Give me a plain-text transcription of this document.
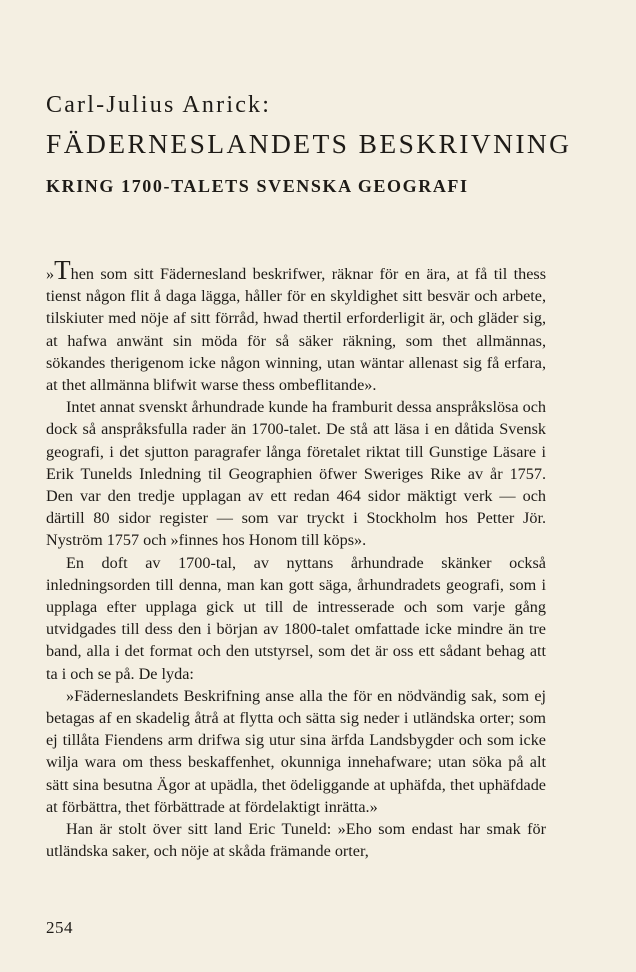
Carl-Julius Anrick:
FÄDERNESLANDETS BESKRIVNING
KRING 1700-TALETS SVENSKA GEOGRAFI

»Then som sitt Fädernesland beskrifwer, räknar för en ära, at få til thess tienst någon flit å daga lägga, håller för en skyldighet sitt besvär och arbete, tilskiuter med nöje af sitt förråd, hwad thertil erforderligit är, och gläder sig, at hafwa anwänt sin möda för så säker räkning, som thet allmännas, sökandes therigenom icke någon winning, utan wäntar allenast sig få erfara, at thet allmänna blifwit warse thess ombeflitande».

Intet annat svenskt århundrade kunde ha framburit dessa anspråkslösa och dock så anspråksfulla rader än 1700-talet. De stå att läsa i en dåtida Svensk geografi, i det sjutton paragrafer långa företalet riktat till Gunstige Läsare i Erik Tunelds Inledning til Geographien öfwer Sweriges Rike av år 1757. Den var den tredje upplagan av ett redan 464 sidor mäktigt verk — och därtill 80 sidor register — som var tryckt i Stockholm hos Petter Jör. Nyström 1757 och »finnes hos Honom till köps».

En doft av 1700-tal, av nyttans århundrade skänker också inledningsorden till denna, man kan gott säga, århundradets geografi, som i upplaga efter upplaga gick ut till de intresserade och som varje gång utvidgades till dess den i början av 1800-talet omfattade icke mindre än tre band, alla i det format och den utstyrsel, som det är oss ett sådant behag att ta i och se på. De lyda:

»Fäderneslandets Beskrifning anse alla the för en nödvändig sak, som ej betagas af en skadelig åtrå at flytta och sätta sig neder i utländska orter; som ej tillåta Fiendens arm drifwa sig utur sina ärfda Landsbygder och som icke wilja wara om thess beskaffenhet, okunniga innehafware; utan söka på alt sätt sina besutna Ägor at upädla, thet ödeliggande at uphäfda, thet uphäfdade at förbättra, thet förbättrade at fördelaktigt inrätta.»

Han är stolt över sitt land Eric Tuneld: »Eho som endast har smak för utländska saker, och nöje at skåda främande orter,

254
